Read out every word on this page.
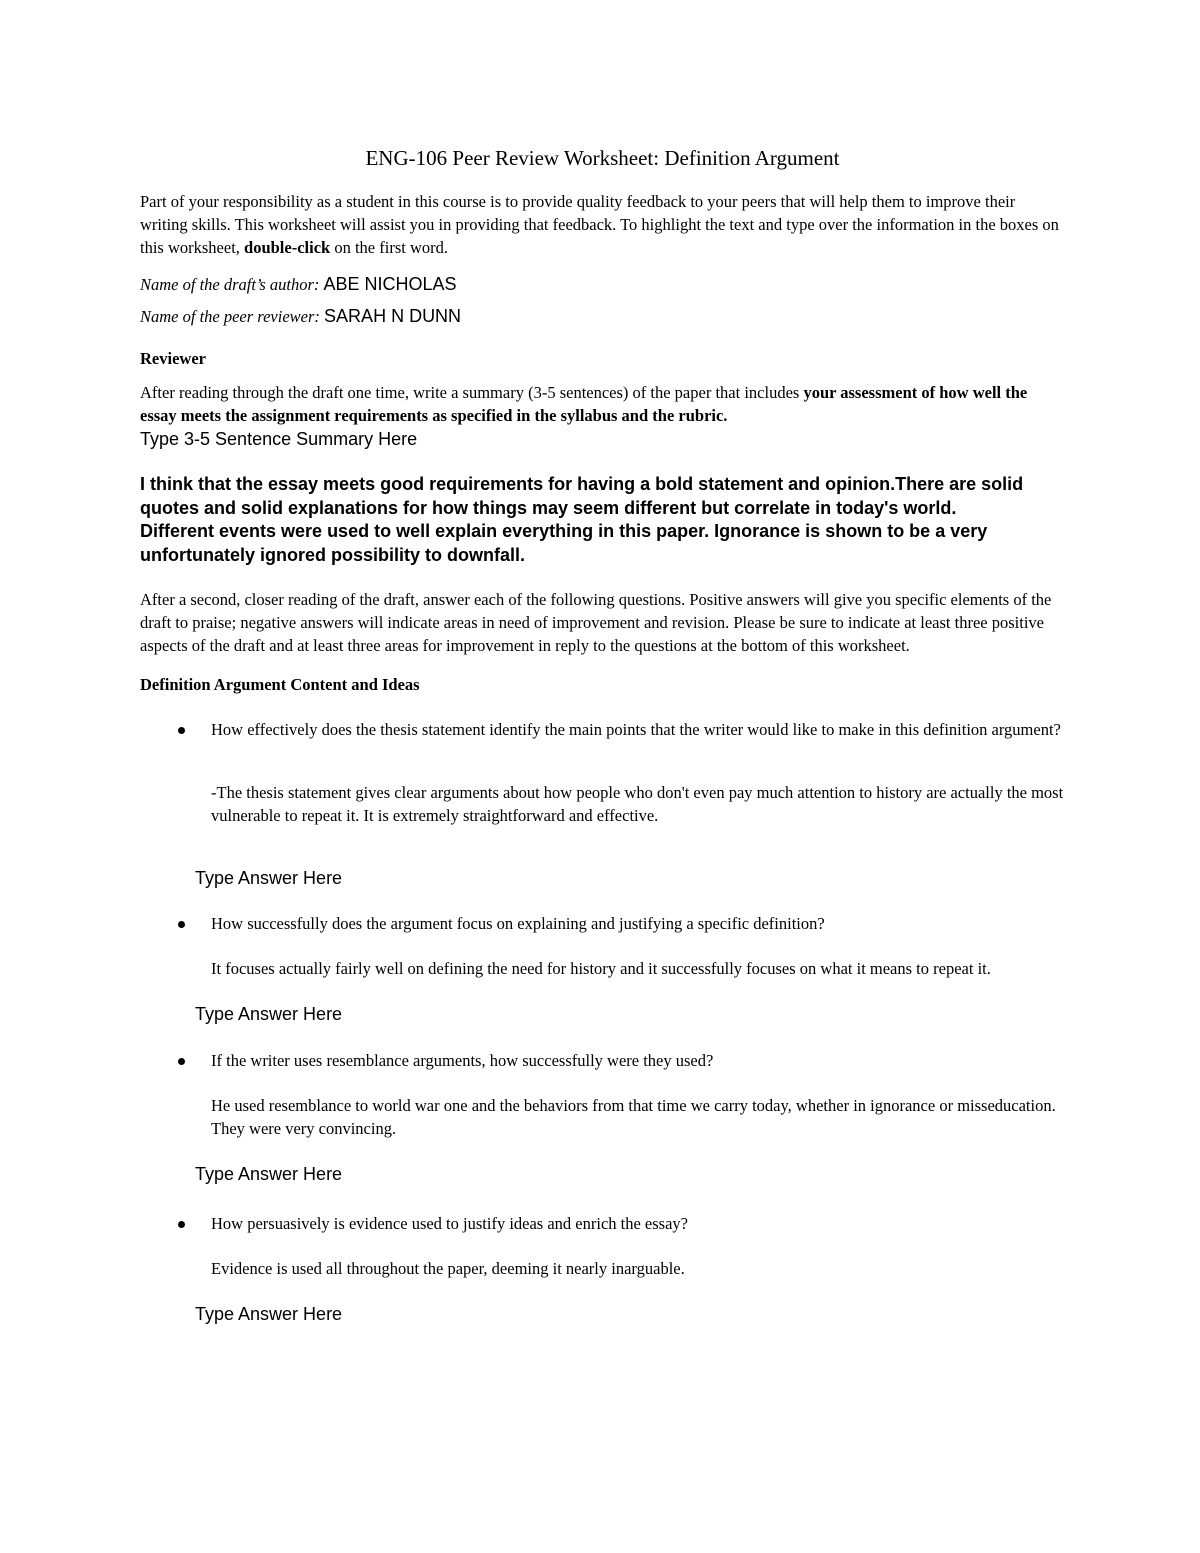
ENG-106 Peer Review Worksheet: Definition Argument

Part of your responsibility as a student in this course is to provide quality feedback to your peers that will help them to improve their writing skills. This worksheet will assist you in providing that feedback. To highlight the text and type over the information in the boxes on this worksheet, double-click on the first word.

Name of the draft’s author: ABE NICHOLAS

Name of the peer reviewer: SARAH N DUNN

Reviewer

After reading through the draft one time, write a summary (3-5 sentences) of the paper that includes your assessment of how well the essay meets the assignment requirements as specified in the syllabus and the rubric.

Type 3-5 Sentence Summary Here

I think that the essay meets good requirements for having a bold statement and opinion.There are solid quotes and solid explanations for how things may seem different but correlate in today's world. Different events were used to well explain everything in this paper. Ignorance is shown to be a very unfortunately ignored possibility to downfall.

After a second, closer reading of the draft, answer each of the following questions. Positive answers will give you specific elements of the draft to praise; negative answers will indicate areas in need of improvement and revision. Please be sure to indicate at least three positive aspects of the draft and at least three areas for improvement in reply to the questions at the bottom of this worksheet.

Definition Argument Content and Ideas

How effectively does the thesis statement identify the main points that the writer would like to make in this definition argument?

-The thesis statement gives clear arguments about how people who don't even pay much attention to history are actually the most vulnerable to repeat it. It is extremely straightforward and effective.

Type Answer Here

How successfully does the argument focus on explaining and justifying a specific definition?

It focuses actually fairly well on defining the need for history and it successfully focuses on what it means to repeat it.

Type Answer Here

If the writer uses resemblance arguments, how successfully were they used?

He used resemblance to world war one and the behaviors from that time we carry today, whether in ignorance or misseducation. They were very convincing.

Type Answer Here

How persuasively is evidence used to justify ideas and enrich the essay?

Evidence is used all throughout the paper, deeming it nearly inarguable.

Type Answer Here
